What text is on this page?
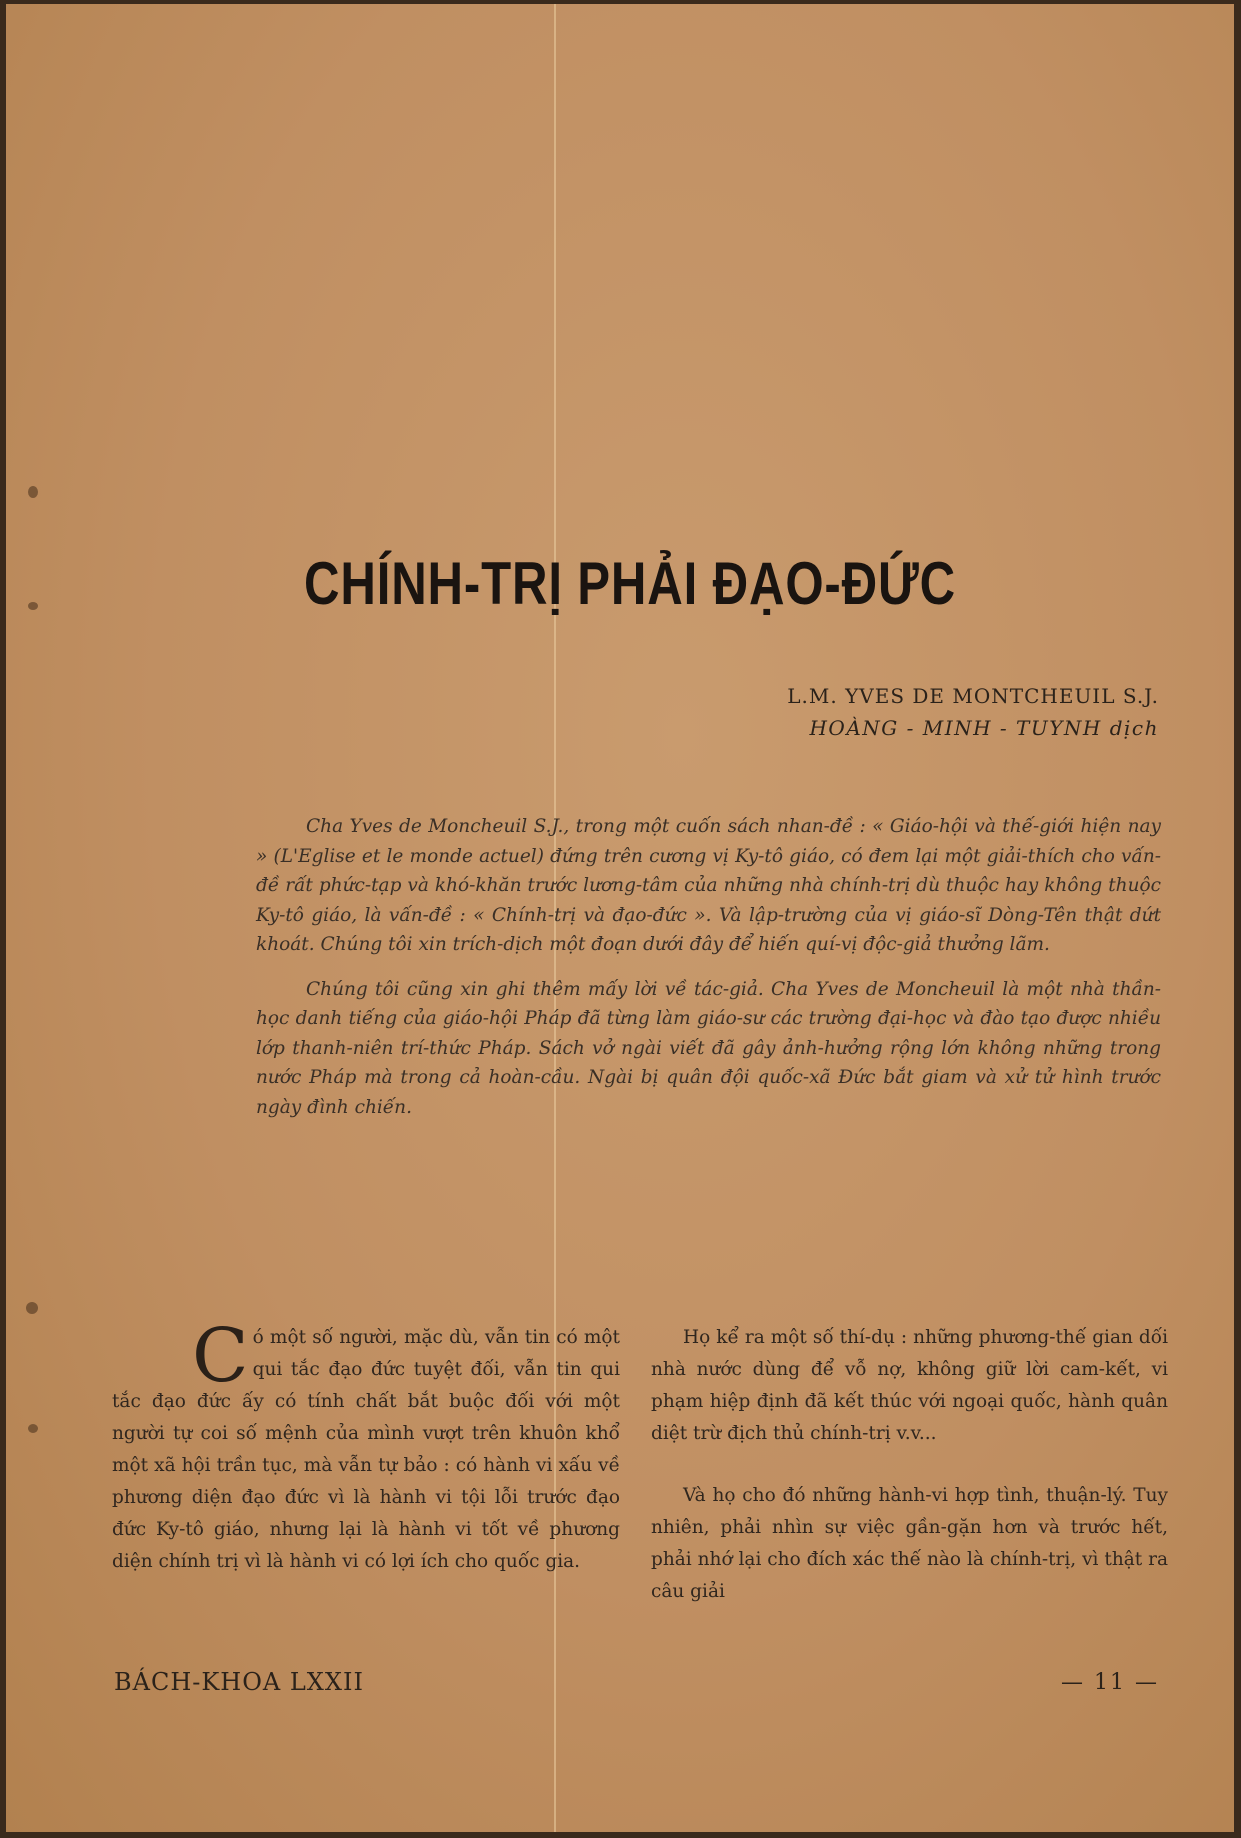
CHÍNH-TRỊ PHẢI ĐẠO-ĐỨC
L.M. YVES DE MONTCHEUIL S.J.
HOÀNG - MINH - TUYNH dịch

Cha Yves de Moncheuil S.J., trong một cuốn sách nhan-đề : « Giáo-hội và thế-giới hiện nay » (L'Eglise et le monde actuel) đứng trên cương vị Ky-tô giáo, có đem lại một giải-thích cho vấn-đề rất phức-tạp và khó-khăn trước lương-tâm của những nhà chính-trị dù thuộc hay không thuộc Ky-tô giáo, là vấn-đề : « Chính-trị và đạo-đức ». Và lập-trường của vị giáo-sĩ Dòng-Tên thật dứt khoát. Chúng tôi xin trích-dịch một đoạn dưới đây để hiến quí-vị độc-giả thưởng lãm.

Chúng tôi cũng xin ghi thêm mấy lời về tác-giả. Cha Yves de Moncheuil là một nhà thần-học danh tiếng của giáo-hội Pháp đã từng làm giáo-sư các trường đại-học và đào tạo được nhiều lớp thanh-niên trí-thức Pháp. Sách vở ngài viết đã gây ảnh-hưởng rộng lớn không những trong nước Pháp mà trong cả hoàn-cầu. Ngài bị quân đội quốc-xã Đức bắt giam và xử tử hình trước ngày đình chiến.

Có một số người, mặc dù, vẫn tin có một qui tắc đạo đức tuyệt đối, vẫn tin qui tắc đạo đức ấy có tính chất bắt buộc đối với một người tự coi số mệnh của mình vượt trên khuôn khổ một xã hội trần tục, mà vẫn tự bảo : có hành vi xấu về phương diện đạo đức vì là hành vi tội lỗi trước đạo đức Ky-tô giáo, nhưng lại là hành vi tốt về phương diện chính trị vì là hành vi có lợi ích cho quốc gia.

Họ kể ra một số thí-dụ : những phương-thế gian dối nhà nước dùng để vỗ nợ, không giữ lời cam-kết, vi phạm hiệp định đã kết thúc với ngoại quốc, hành quân diệt trừ địch thủ chính-trị v.v...

Và họ cho đó những hành-vi hợp tình, thuận-lý. Tuy nhiên, phải nhìn sự việc gần-gặn hơn và trước hết, phải nhớ lại cho đích xác thế nào là chính-trị, vì thật ra câu giải

BÁCH-KHOA LXXII	— 11 —
